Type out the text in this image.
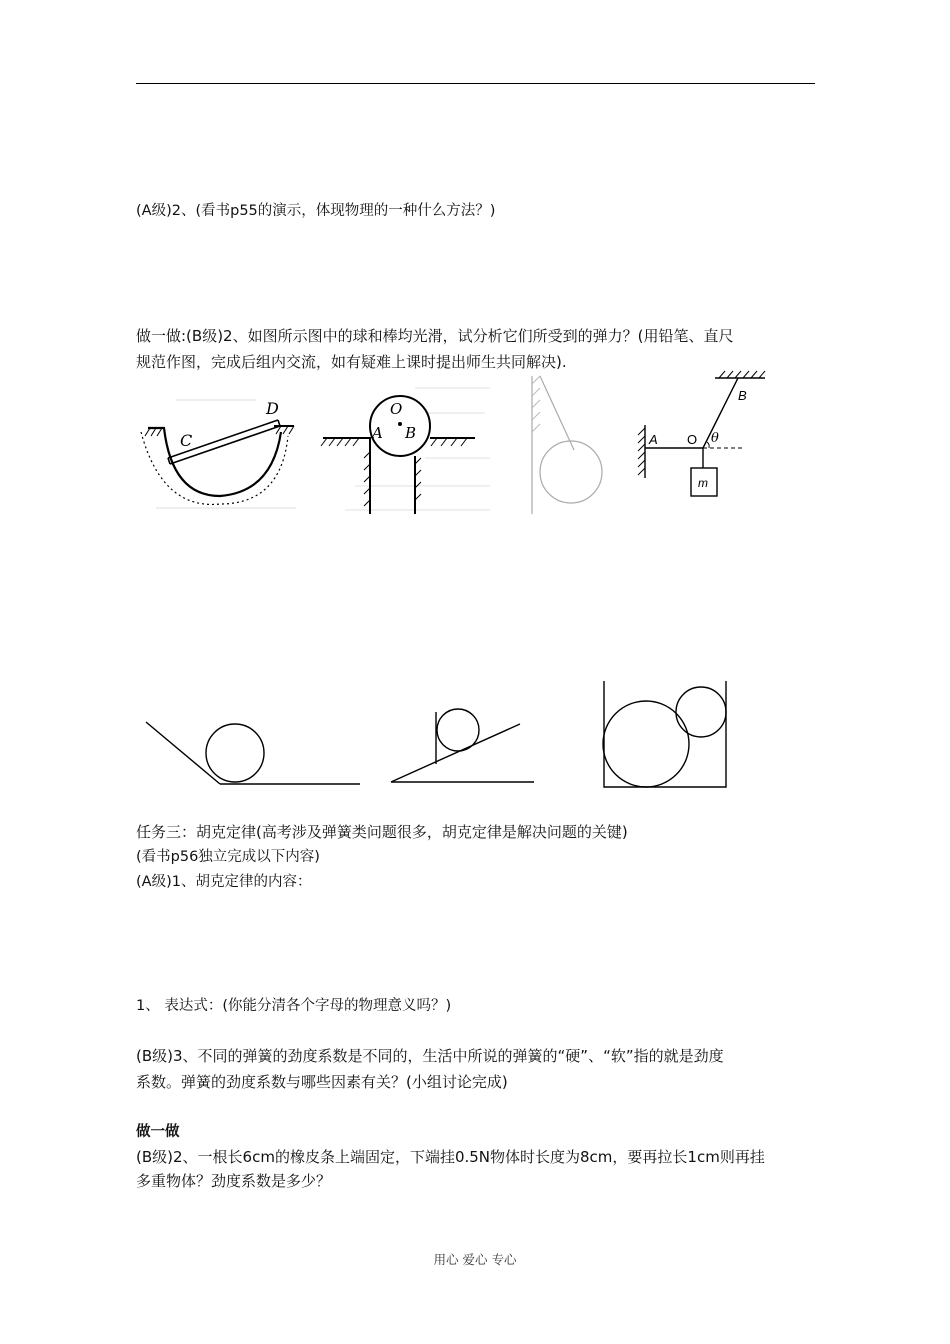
(A级)2、(看书p55的演示，体现物理的一种什么方法？)
做一做:(B级)2、如图所示图中的球和棒均光滑，试分析它们所受到的弹力？(用铅笔、直尺
规范作图，完成后组内交流，如有疑难上课时提出师生共同解决).
C
D	O
A B	A O θ
B
m
任务三：胡克定律(高考涉及弹簧类问题很多，胡克定律是解决问题的关键)
(看书p56独立完成以下内容)
(A级)1、胡克定律的内容：
1、 表达式：(你能分清各个字母的物理意义吗？)
(B级)3、不同的弹簧的劲度系数是不同的，生活中所说的弹簧的“硬”、“软”指的就是劲度
系数。弹簧的劲度系数与哪些因素有关？(小组讨论完成)
做一做
(B级)2、一根长6cm的橡皮条上端固定，下端挂0.5N物体时长度为8cm，要再拉长1cm则再挂
多重物体？劲度系数是多少？
用心 爱心 专心
